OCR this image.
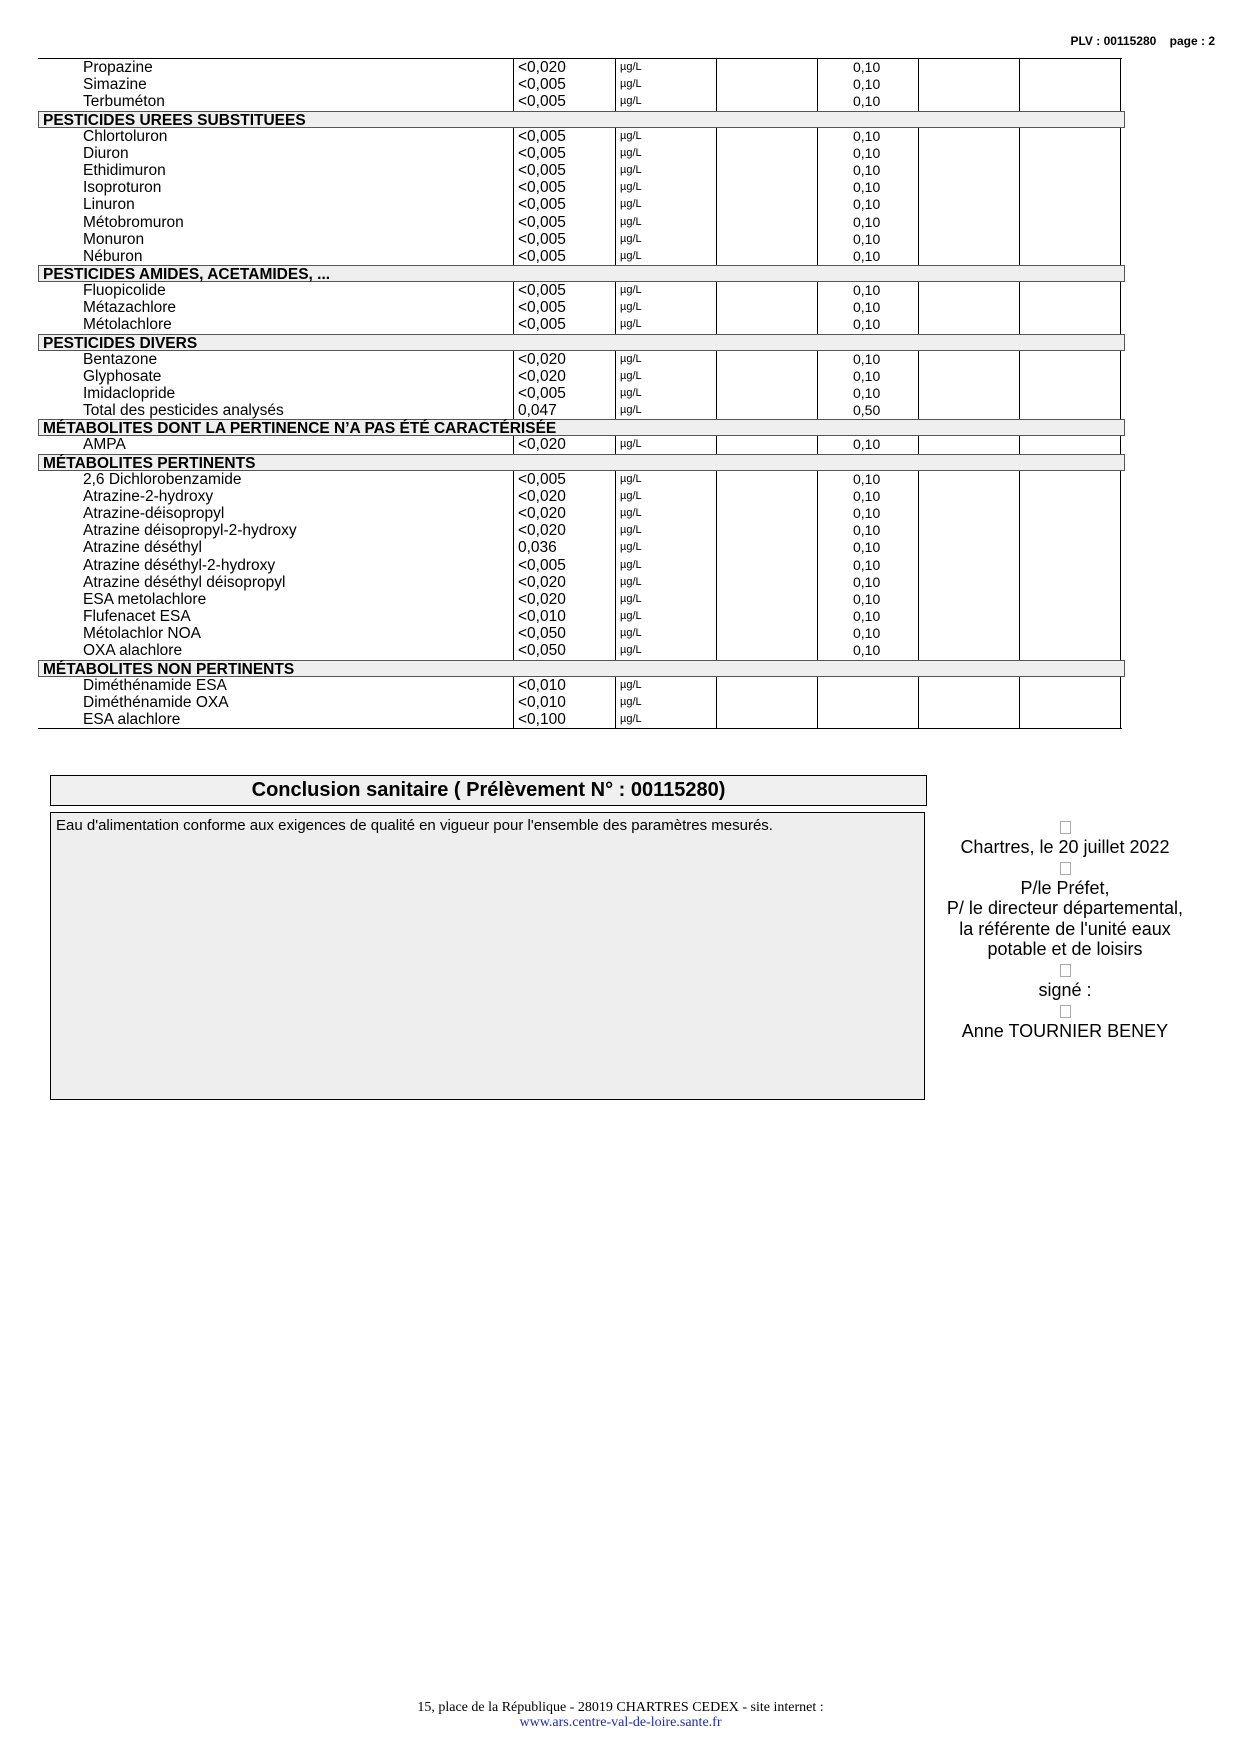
PLV : 00115280 page : 2
Propazine	<0,020	µg/L	0,10
Simazine	<0,005	µg/L	0,10
Terbuméton	<0,005	µg/L	0,10
PESTICIDES UREES SUBSTITUEES
Chlortoluron	<0,005	µg/L	0,10
Diuron	<0,005	µg/L	0,10
Ethidimuron	<0,005	µg/L	0,10
Isoproturon	<0,005	µg/L	0,10
Linuron	<0,005	µg/L	0,10
Métobromuron	<0,005	µg/L	0,10
Monuron	<0,005	µg/L	0,10
Néburon	<0,005	µg/L	0,10
PESTICIDES AMIDES, ACETAMIDES, ...
Fluopicolide	<0,005	µg/L	0,10
Métazachlore	<0,005	µg/L	0,10
Métolachlore	<0,005	µg/L	0,10
PESTICIDES DIVERS
Bentazone	<0,020	µg/L	0,10
Glyphosate	<0,020	µg/L	0,10
Imidaclopride	<0,005	µg/L	0,10
Total des pesticides analysés	0,047	µg/L	0,50
MÉTABOLITES DONT LA PERTINENCE N’A PAS ÉTÉ CARACTÉRISÉE
AMPA	<0,020	µg/L	0,10
MÉTABOLITES PERTINENTS
2,6 Dichlorobenzamide	<0,005	µg/L	0,10
Atrazine-2-hydroxy	<0,020	µg/L	0,10
Atrazine-déisopropyl	<0,020	µg/L	0,10
Atrazine déisopropyl-2-hydroxy	<0,020	µg/L	0,10
Atrazine déséthyl	0,036	µg/L	0,10
Atrazine déséthyl-2-hydroxy	<0,005	µg/L	0,10
Atrazine déséthyl déisopropyl	<0,020	µg/L	0,10
ESA metolachlore	<0,020	µg/L	0,10
Flufenacet ESA	<0,010	µg/L	0,10
Métolachlor NOA	<0,050	µg/L	0,10
OXA alachlore	<0,050	µg/L	0,10
MÉTABOLITES NON PERTINENTS
Diméthénamide ESA	<0,010	µg/L
Diméthénamide OXA	<0,010	µg/L
ESA alachlore	<0,100	µg/L
Conclusion sanitaire ( Prélèvement N° : 00115280)
Eau d'alimentation conforme aux exigences de qualité en vigueur pour l'ensemble des paramètres mesurés.
Chartres, le 20 juillet 2022
P/le Préfet,
P/ le directeur départemental,
la référente de l'unité eaux
potable et de loisirs
signé :
Anne TOURNIER BENEY
15, place de la République - 28019 CHARTRES CEDEX - site internet :
www.ars.centre-val-de-loire.sante.fr
